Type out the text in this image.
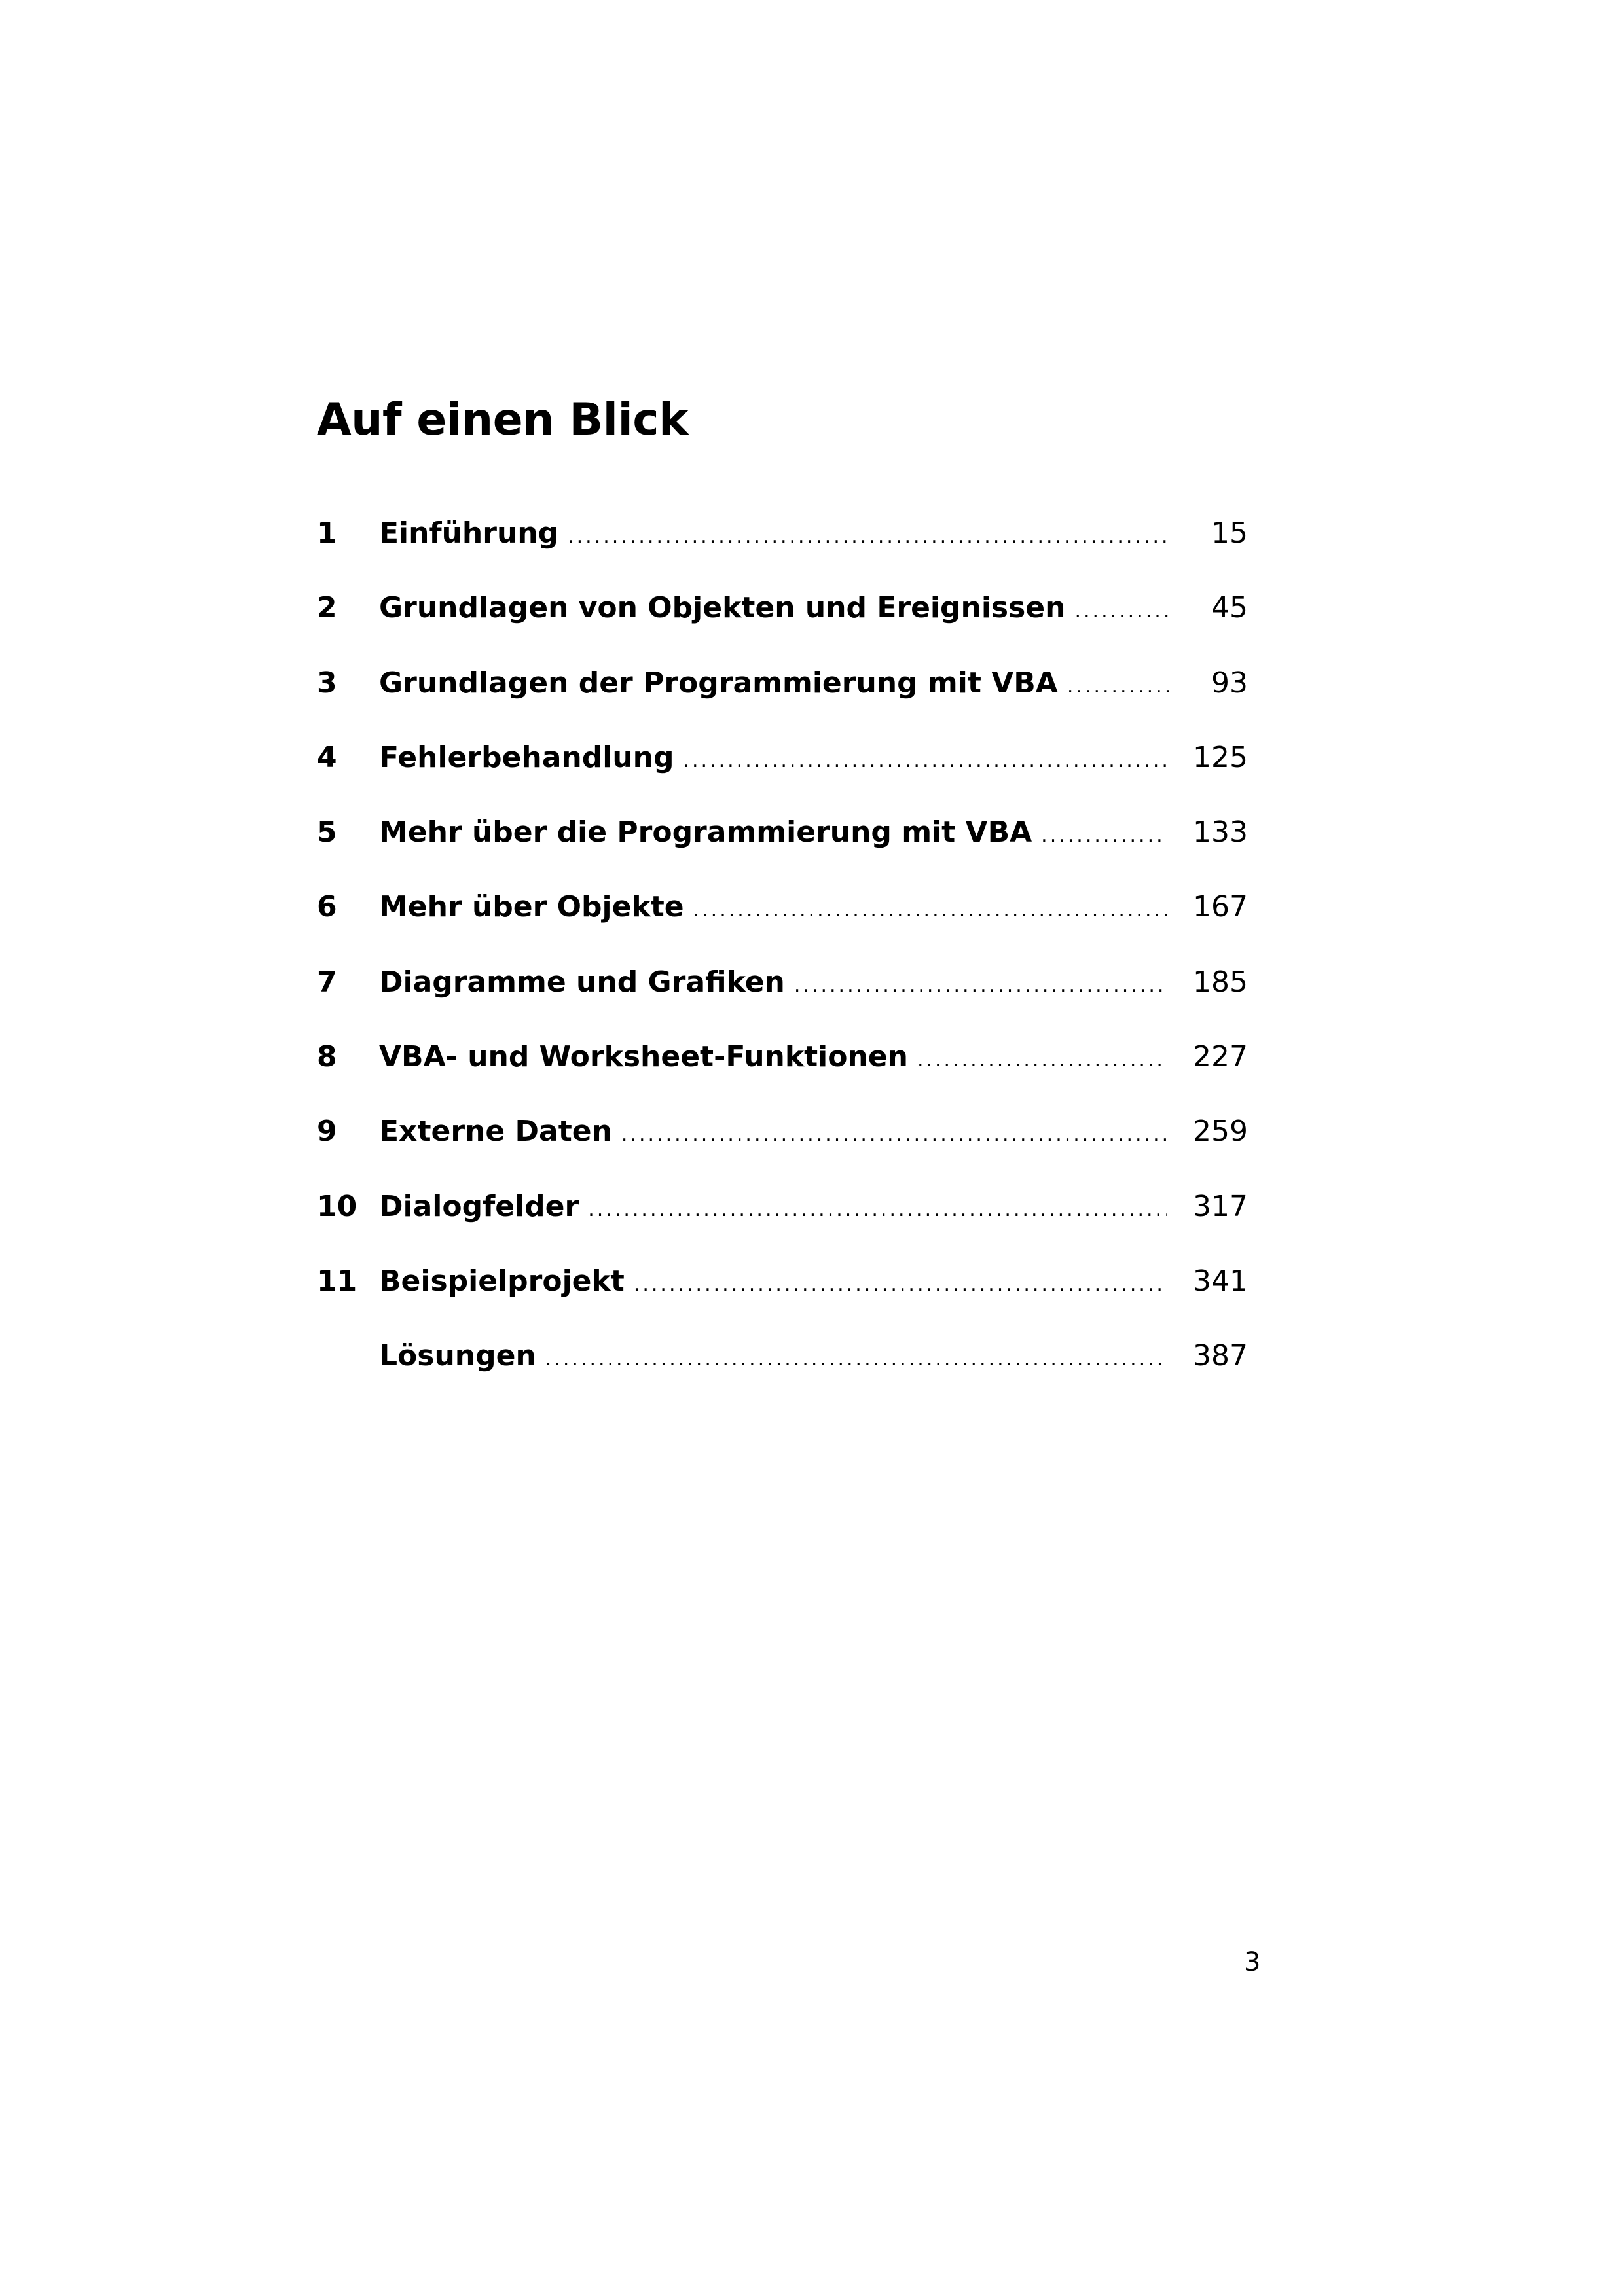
Auf einen Blick
1	Einführung .....	15
2	Grundlagen von Objekten und Ereignissen .....	45
3	Grundlagen der Programmierung mit VBA .....	93
4	Fehlerbehandlung .....	125
5	Mehr über die Programmierung mit VBA .....	133
6	Mehr über Objekte .....	167
7	Diagramme und Grafiken .....	185
8	VBA- und Worksheet-Funktionen .....	227
9	Externe Daten .....	259
10 Dialogfelder .....	317
11 Beispielprojekt .....	341
Lösungen .....	387
3
